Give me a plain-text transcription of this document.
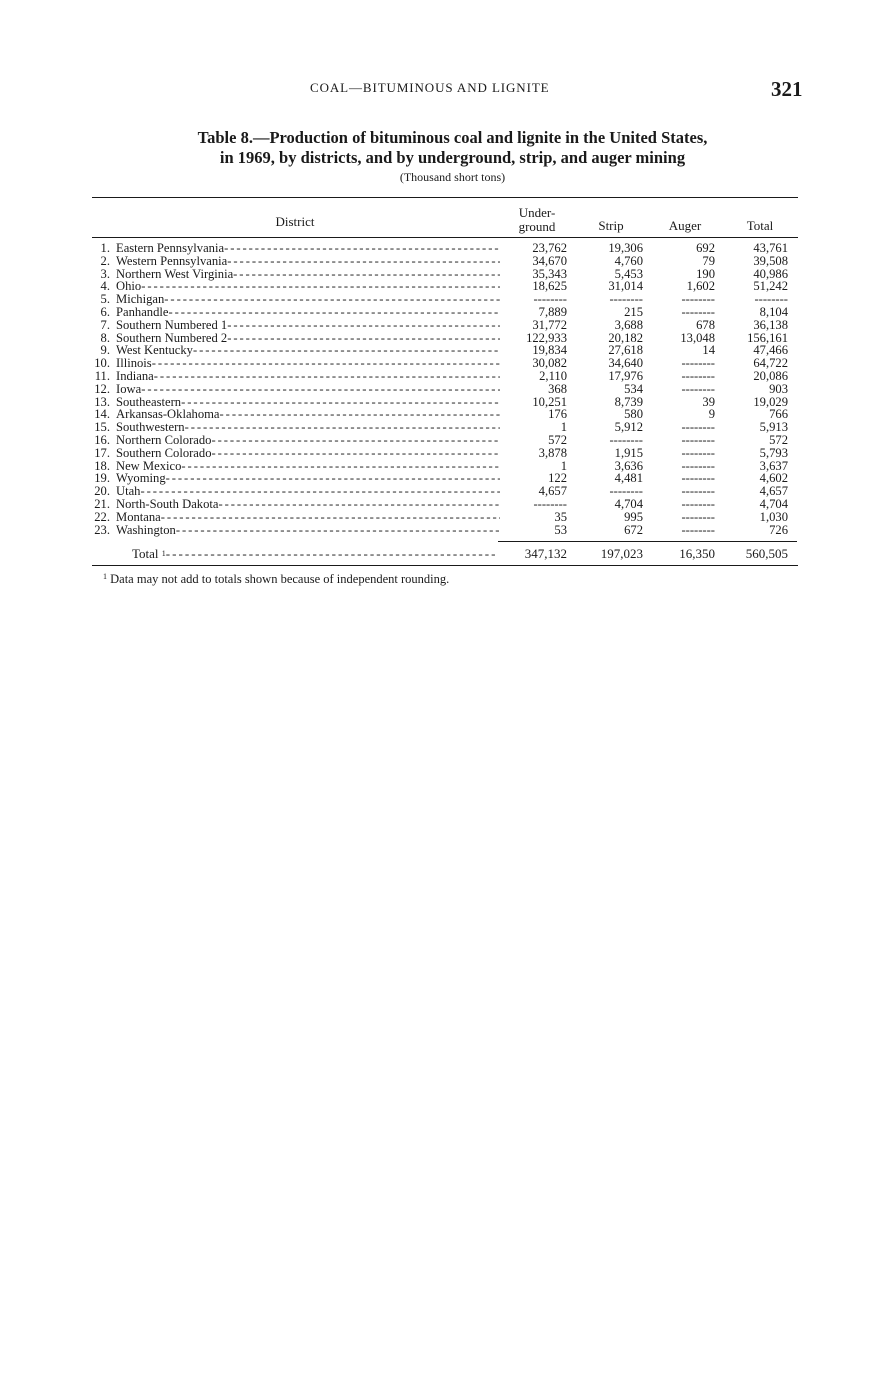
COAL—BITUMINOUS AND LIGNITE	321
Table 8.—Production of bituminous coal and lignite in the United States,
in 1969, by districts, and by underground, strip, and auger mining
(Thousand short tons)
District
Under-
ground	Strip	Auger	Total
1. Eastern Pennsylvania - - -	23,762	19,306	692	43,761
2. Western Pennsylvania - - -	34,670	4,760	79	39,508
3. Northern West Virginia - - -	35,343	5,453	190	40,986
4. Ohio - - -	18,625	31,014	1,602	51,242
5. Michigan - - -	--------	--------	--------	--------
6. Panhandle - - -	7,889	215	--------	8,104
7. Southern Numbered 1 - - -	31,772	3,688	678	36,138
8. Southern Numbered 2 - - -	122,933	20,182	13,048	156,161
9. West Kentucky - - -	19,834	27,618	14	47,466
10. Illinois - - -	30,082	34,640	--------	64,722
11. Indiana - - -	2,110	17,976	--------	20,086
12. Iowa - - -	368	534	--------	903
13. Southeastern - - -	10,251	8,739	39	19,029
14. Arkansas-Oklahoma - - -	176	580	9	766
15. Southwestern - - -	1	5,912	--------	5,913
16. Northern Colorado - - -	572	--------	--------	572
17. Southern Colorado - - -	3,878	1,915	--------	5,793
18. New Mexico - - -	1	3,636	--------	3,637
19. Wyoming - - -	122	4,481	--------	4,602
20. Utah - - -	4,657	--------	--------	4,657
21. North-South Dakota - - -	--------	4,704	--------	4,704
22. Montana - - -	35	995	--------	1,030
23. Washington - - -	53	672	--------	726
Total $^1$ - - -	347,132	197,023	16,350	560,505
$^1$ Data may not add to totals shown because of independent rounding.
